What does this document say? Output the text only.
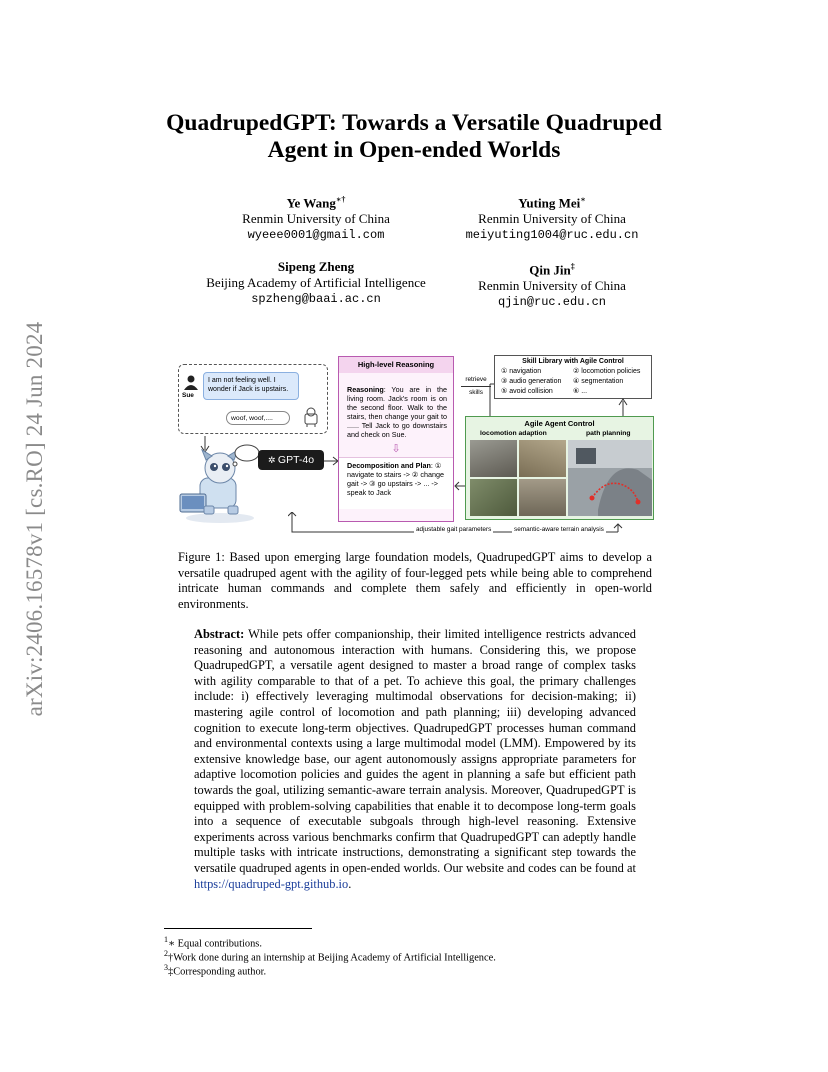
arXiv:2406.16578v1 [cs.RO] 24 Jun 2024
QuadrupedGPT: Towards a Versatile Quadruped
Agent in Open-ended Worlds
Ye Wang∗†
Renmin University of China
wyeee0001@gmail.com
Yuting Mei∗
Renmin University of China
meiyuting1004@ruc.edu.cn
Sipeng Zheng
Beijing Academy of Artificial Intelligence
spzheng@baai.ac.cn
Qin Jin‡
Renmin University of China
qjin@ruc.edu.cn
Sue
I am not feeling well. I wonder if Jack is upstairs.
woof, woof,....
✲ GPT-4o
High-level Reasoning
Reasoning: You are in the living room. Jack's room is on the second floor. Walk to the stairs, then change your gait to ...... Tell Jack to go downstairs and check on Sue.
⇩
Decomposition and Plan: ① navigate to stairs -> ② change gait -> ③ go upstairs -> ... -> speak to Jack
retrieve
skills
Skill Library with Agile Control
① navigation	② locomotion policies
③ audio generation	④ segmentation
⑤ avoid collision	⑥ ...
Agile Agent Control
locomotion adaption	path planning
adjustable gait parameters	semantic-aware terrain analysis
Figure 1: Based upon emerging large foundation models, QuadrupedGPT aims to develop a versatile quadruped agent with the agility of four-legged pets while being able to comprehend intricate human commands and complete them safely and efficiently in open-world environments.
Abstract: While pets offer companionship, their limited intelligence restricts advanced reasoning and autonomous interaction with humans. Considering this, we propose QuadrupedGPT, a versatile agent designed to master a broad range of complex tasks with agility comparable to that of a pet. To achieve this goal, the primary challenges include: i) effectively leveraging multimodal observations for decision-making; ii) mastering agile control of locomotion and path planning; iii) developing advanced cognition to execute long-term objectives. QuadrupedGPT processes human command and environmental contexts using a large multimodal model (LMM). Empowered by its extensive knowledge base, our agent autonomously assigns appropriate parameters for adaptive locomotion policies and guides the agent in planning a safe but efficient path towards the goal, utilizing semantic-aware terrain analysis. Moreover, QuadrupedGPT is equipped with problem-solving capabilities that enable it to decompose long-term goals into a sequence of executable subgoals through high-level reasoning. Extensive experiments across various benchmarks confirm that QuadrupedGPT can adeptly handle multiple tasks with intricate instructions, demonstrating a significant step towards the versatile quadruped agents in open-ended worlds. Our website and codes can be found at https://quadruped-gpt.github.io.
$^1$∗ Equal contributions.
$^2$†Work done during an internship at Beijing Academy of Artificial Intelligence.
$^3$‡Corresponding author.
